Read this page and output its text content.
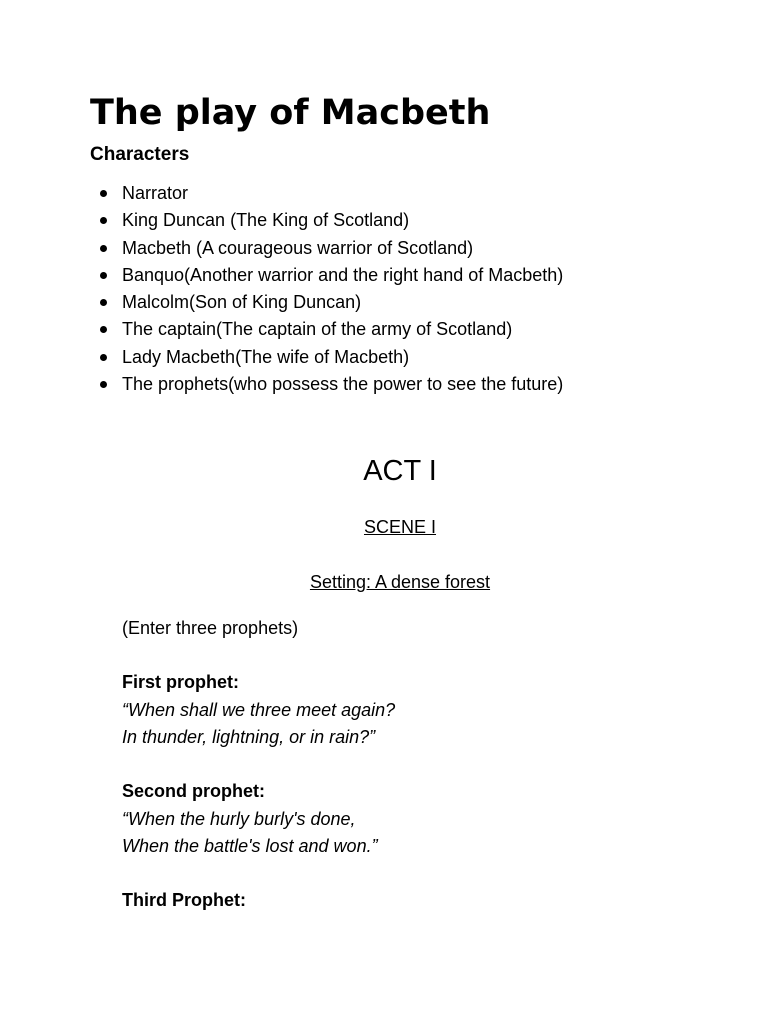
The play of Macbeth
Characters
Narrator
King Duncan (The King of Scotland)
Macbeth (A courageous warrior of Scotland)
Banquo(Another warrior and the right hand of Macbeth)
Malcolm(Son of King Duncan)
The captain(The captain of the army of Scotland)
Lady Macbeth(The wife of Macbeth)
The prophets(who possess the power to see the future)
ACT I
SCENE I
Setting: A dense forest
(Enter three prophets)
First prophet:
“When shall we three meet again?
In thunder, lightning, or in rain?”
Second prophet:
“When the hurly burly's done,
When the battle's lost and won.”
Third Prophet:
